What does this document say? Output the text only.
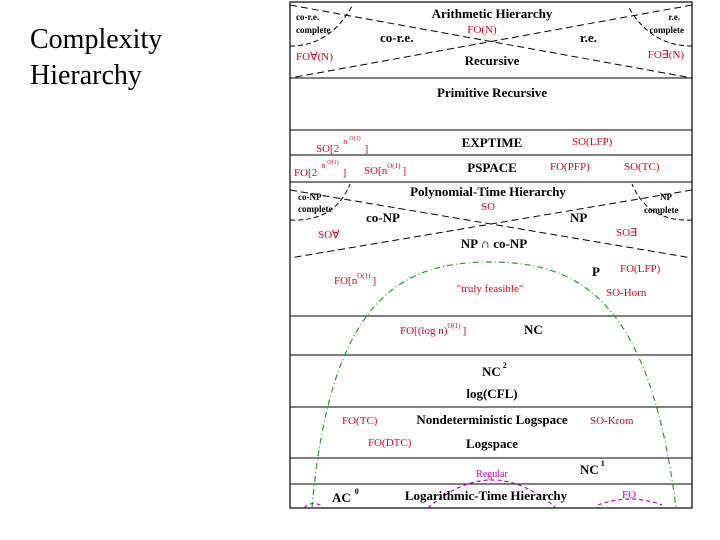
Complexity
Hierarchy
Arithmetic Hierarchy
FO(N)
co-r.e.
complete
r.e.
complete
co-r.e.	r.e.
FO∀(N)	FO∃(N)
Recursive
Primitive Recursive
SO[2$^n$ $^{O(1)}$]	EXPTIME	SO(LFP)
FO[2$^n$ $^{O(1)}$] $SO[n^{O(1)}$ ]	PSPACE	FO(PFP)	SO(TC)
Polynomial-Time Hierarchy
co-NP
complete	SO
NP
complete
co-NP	NP
SO∀	SO∃
NP ∩ co-NP
P
$FO[n^{O(1)}$ ]
FO(LFP)
"truly feasible"	SO-Horn
FO[(log n)$^{O(1)}$ ]	NC
NC $^2$
log(CFL)
FO(TC)	Nondeterministic Logspace SO-Krom
FO(DTC)	Logspace
Regular	NC $^1$
AC $^0$	Logarithmic-Time Hierarchy	FO
